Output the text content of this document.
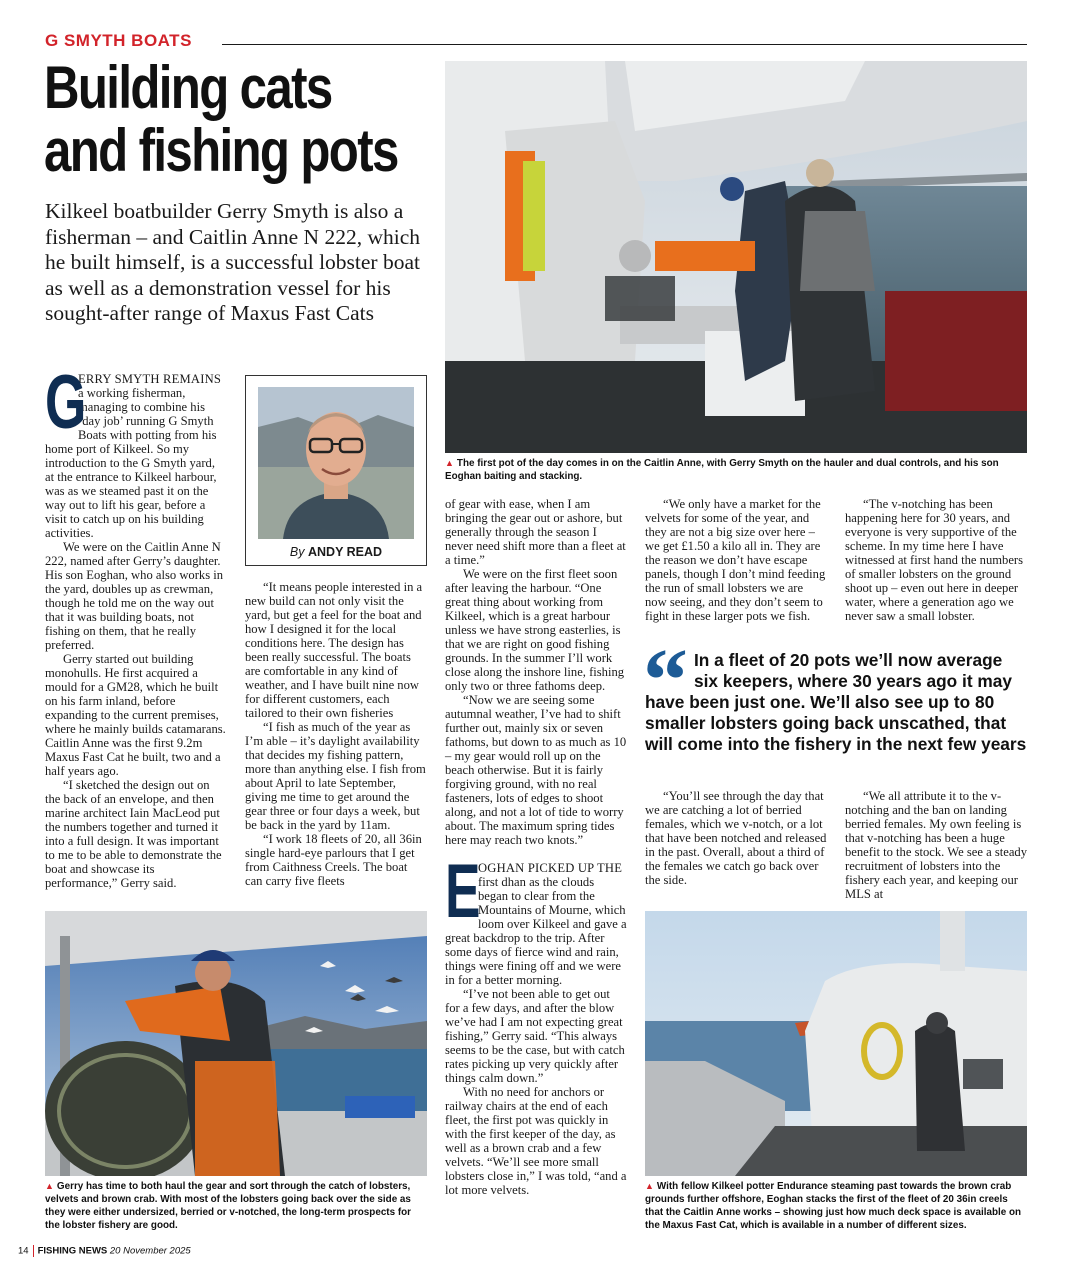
G SMYTH BOATS
Building cats
and fishing pots
Kilkeel boatbuilder Gerry Smyth is also a fisherman – and Caitlin Anne N 222, which he built himself, is a successful lobster boat as well as a demonstration vessel for his sought-after range of Maxus Fast Cats
▲ The first pot of the day comes in on the Caitlin Anne, with Gerry Smyth on the hauler and dual controls, and his son Eoghan baiting and stacking.
By ANDY READ

G
ERRY SMYTH REMAINS a working fisherman, managing to combine his ‘day job’ running G Smyth Boats with potting from his home port of Kilkeel. So my introduction to the G Smyth yard, at the entrance to Kilkeel harbour, was as we steamed past it on the way out to lift his gear, before a visit to catch up on his building activities.

We were on the Caitlin Anne N 222, named after Gerry’s daughter. His son Eoghan, who also works in the yard, doubles up as crewman, though he told me on the way out that it was building boats, not fishing on them, that he really preferred.

Gerry started out building monohulls. He first acquired a mould for a GM28, which he built on his farm inland, before expanding to the current premises, where he mainly builds catamarans. Caitlin Anne was the first 9.2m Maxus Fast Cat he built, two and a half years ago.

“I sketched the design out on the back of an envelope, and then marine architect Iain MacLeod put the numbers together and turned it into a full design. It was important to me to be able to demonstrate the boat and showcase its performance,” Gerry said.

“It means people interested in a new build can not only visit the yard, but get a feel for the boat and how I designed it for the local conditions here. The design has been really successful. The boats are comfortable in any kind of weather, and I have built nine now for different customers, each tailored to their own fisheries

“I fish as much of the year as I’m able – it’s daylight availability that decides my fishing pattern, more than anything else. I fish from about April to late September, giving me time to get around the gear three or four days a week, but be back in the yard by 11am.

“I work 18 fleets of 20, all 36in single hard-eye parlours that I get from Caithness Creels. The boat can carry five fleets

of gear with ease, when I am bringing the gear out or ashore, but generally through the season I never need shift more than a fleet at a time.”

We were on the first fleet soon after leaving the harbour. “One great thing about working from Kilkeel, which is a great harbour unless we have strong easterlies, is that we are right on good fishing grounds. In the summer I’ll work close along the inshore line, fishing only two or three fathoms deep.

“Now we are seeing some autumnal weather, I’ve had to shift further out, mainly six or seven fathoms, but down to as much as 10 – my gear would roll up on the beach otherwise. But it is fairly forgiving ground, with no real fasteners, lots of edges to shoot along, and not a lot of tide to worry about. The maximum spring tides here may reach two knots.”

E
OGHAN PICKED UP THE first dhan as the clouds began to clear from the Mountains of Mourne, which loom over Kilkeel and gave a great backdrop to the trip. After some days of fierce wind and rain, things were fining off and we were in for a better morning.

“I’ve not been able to get out for a few days, and after the blow we’ve had I am not expecting great fishing,” Gerry said. “This always seems to be the case, but with catch rates picking up very quickly after things calm down.”

With no need for anchors or railway chairs at the end of each fleet, the first pot was quickly in with the first keeper of the day, as well as a brown crab and a few velvets. “We’ll see more small lobsters close in,” I was told, “and a lot more velvets.

“We only have a market for the velvets for some of the year, and they are not a big size over here – we get £1.50 a kilo all in. They are the reason we don’t have escape panels, though I don’t mind feeding the run of small lobsters we are now seeing, and they don’t seem to fight in these larger pots we fish.

“You’ll see through the day that we are catching a lot of berried females, which we v-notch, or a lot that have been notched and released in the past. Overall, about a third of the females we catch go back over the side.

“The v-notching has been happening here for 30 years, and everyone is very supportive of the scheme. In my time here I have witnessed at first hand the numbers of smaller lobsters on the ground shoot up – even out here in deeper water, where a generation ago we never saw a small lobster.

“We all attribute it to the v-notching and the ban on landing berried females. My own feeling is that v-notching has been a huge benefit to the stock. We see a steady recruitment of lobsters into the fishery each year, and keeping our MLS at

“ In a fleet of 20 pots we’ll now average six keepers, where 30 years ago it may have been just one. We’ll also see up to 80 smaller lobsters going back unscathed, that will come into the fishery in the next few years
▲ Gerry has time to both haul the gear and sort through the catch of lobsters, velvets and brown crab. With most of the lobsters going back over the side as they were either undersized, berried or v-notched, the long-term prospects for the lobster fishery are good.
▲ With fellow Kilkeel potter Endurance steaming past towards the brown crab grounds further offshore, Eoghan stacks the first of the fleet of 20 36in creels that the Caitlin Anne works – showing just how much deck space is available on the Maxus Fast Cat, which is available in a number of different sizes.
14 FISHING NEWS 20 November 2025
